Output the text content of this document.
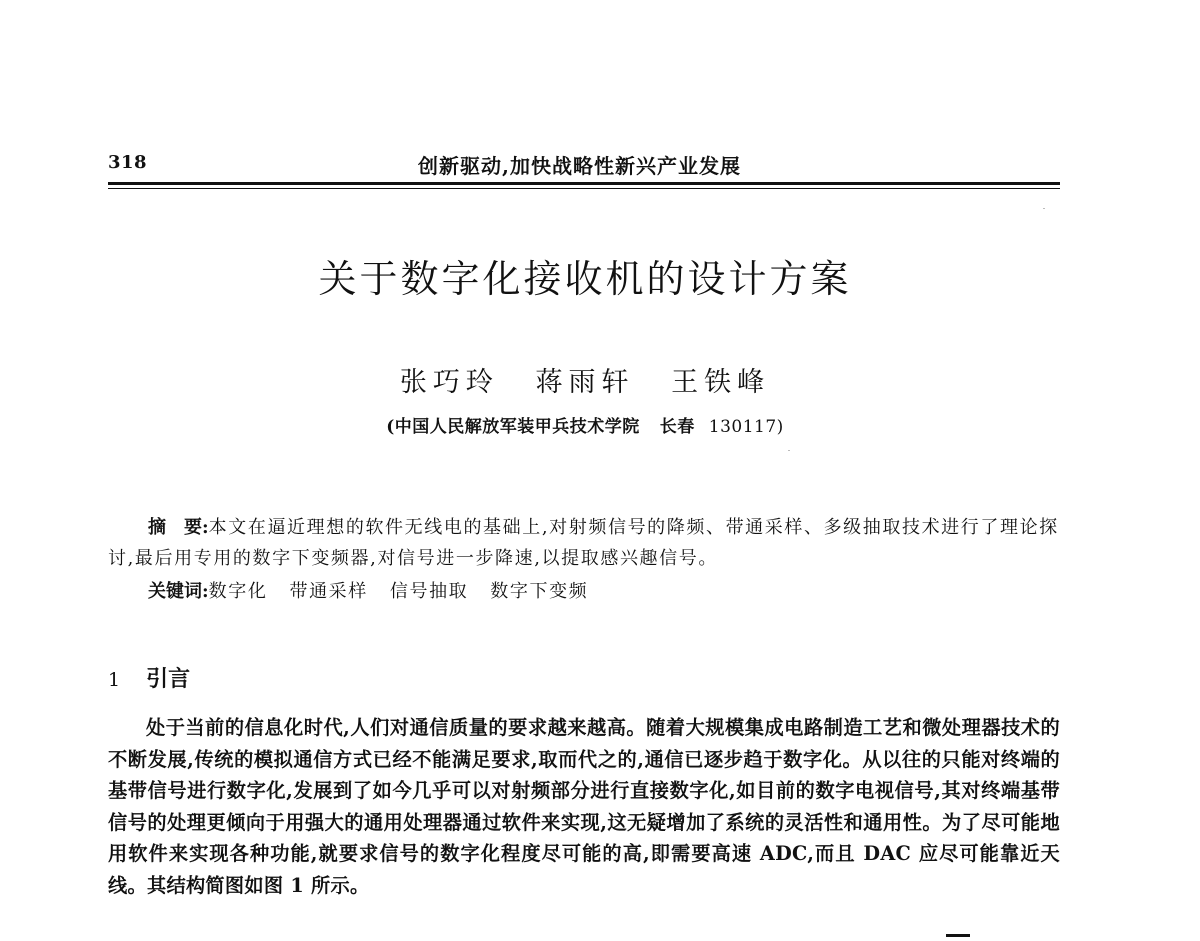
318	创新驱动,加快战略性新兴产业发展
关于数字化接收机的设计方案
张巧玲 蒋雨轩 王铁峰
(中国人民解放军装甲兵技术学院 长春 130117)
摘　要:本文在逼近理想的软件无线电的基础上,对射频信号的降频、带通采样、多级抽取技术进行了理论探讨,最后用专用的数字下变频器,对信号进一步降速,以提取感兴趣信号。
关键词:数字化 带通采样 信号抽取 数字下变频
1 引言
处于当前的信息化时代,人们对通信质量的要求越来越高。随着大规模集成电路制造工艺和微处理器技术的不断发展,传统的模拟通信方式已经不能满足要求,取而代之的,通信已逐步趋于数字化。从以往的只能对终端的基带信号进行数字化,发展到了如今几乎可以对射频部分进行直接数字化,如目前的数字电视信号,其对终端基带信号的处理更倾向于用强大的通用处理器通过软件来实现,这无疑增加了系统的灵活性和通用性。为了尽可能地用软件来实现各种功能,就要求信号的数字化程度尽可能的高,即需要高速 ADC,而且 DAC 应尽可能靠近天线。其结构简图如图 1 所示。
